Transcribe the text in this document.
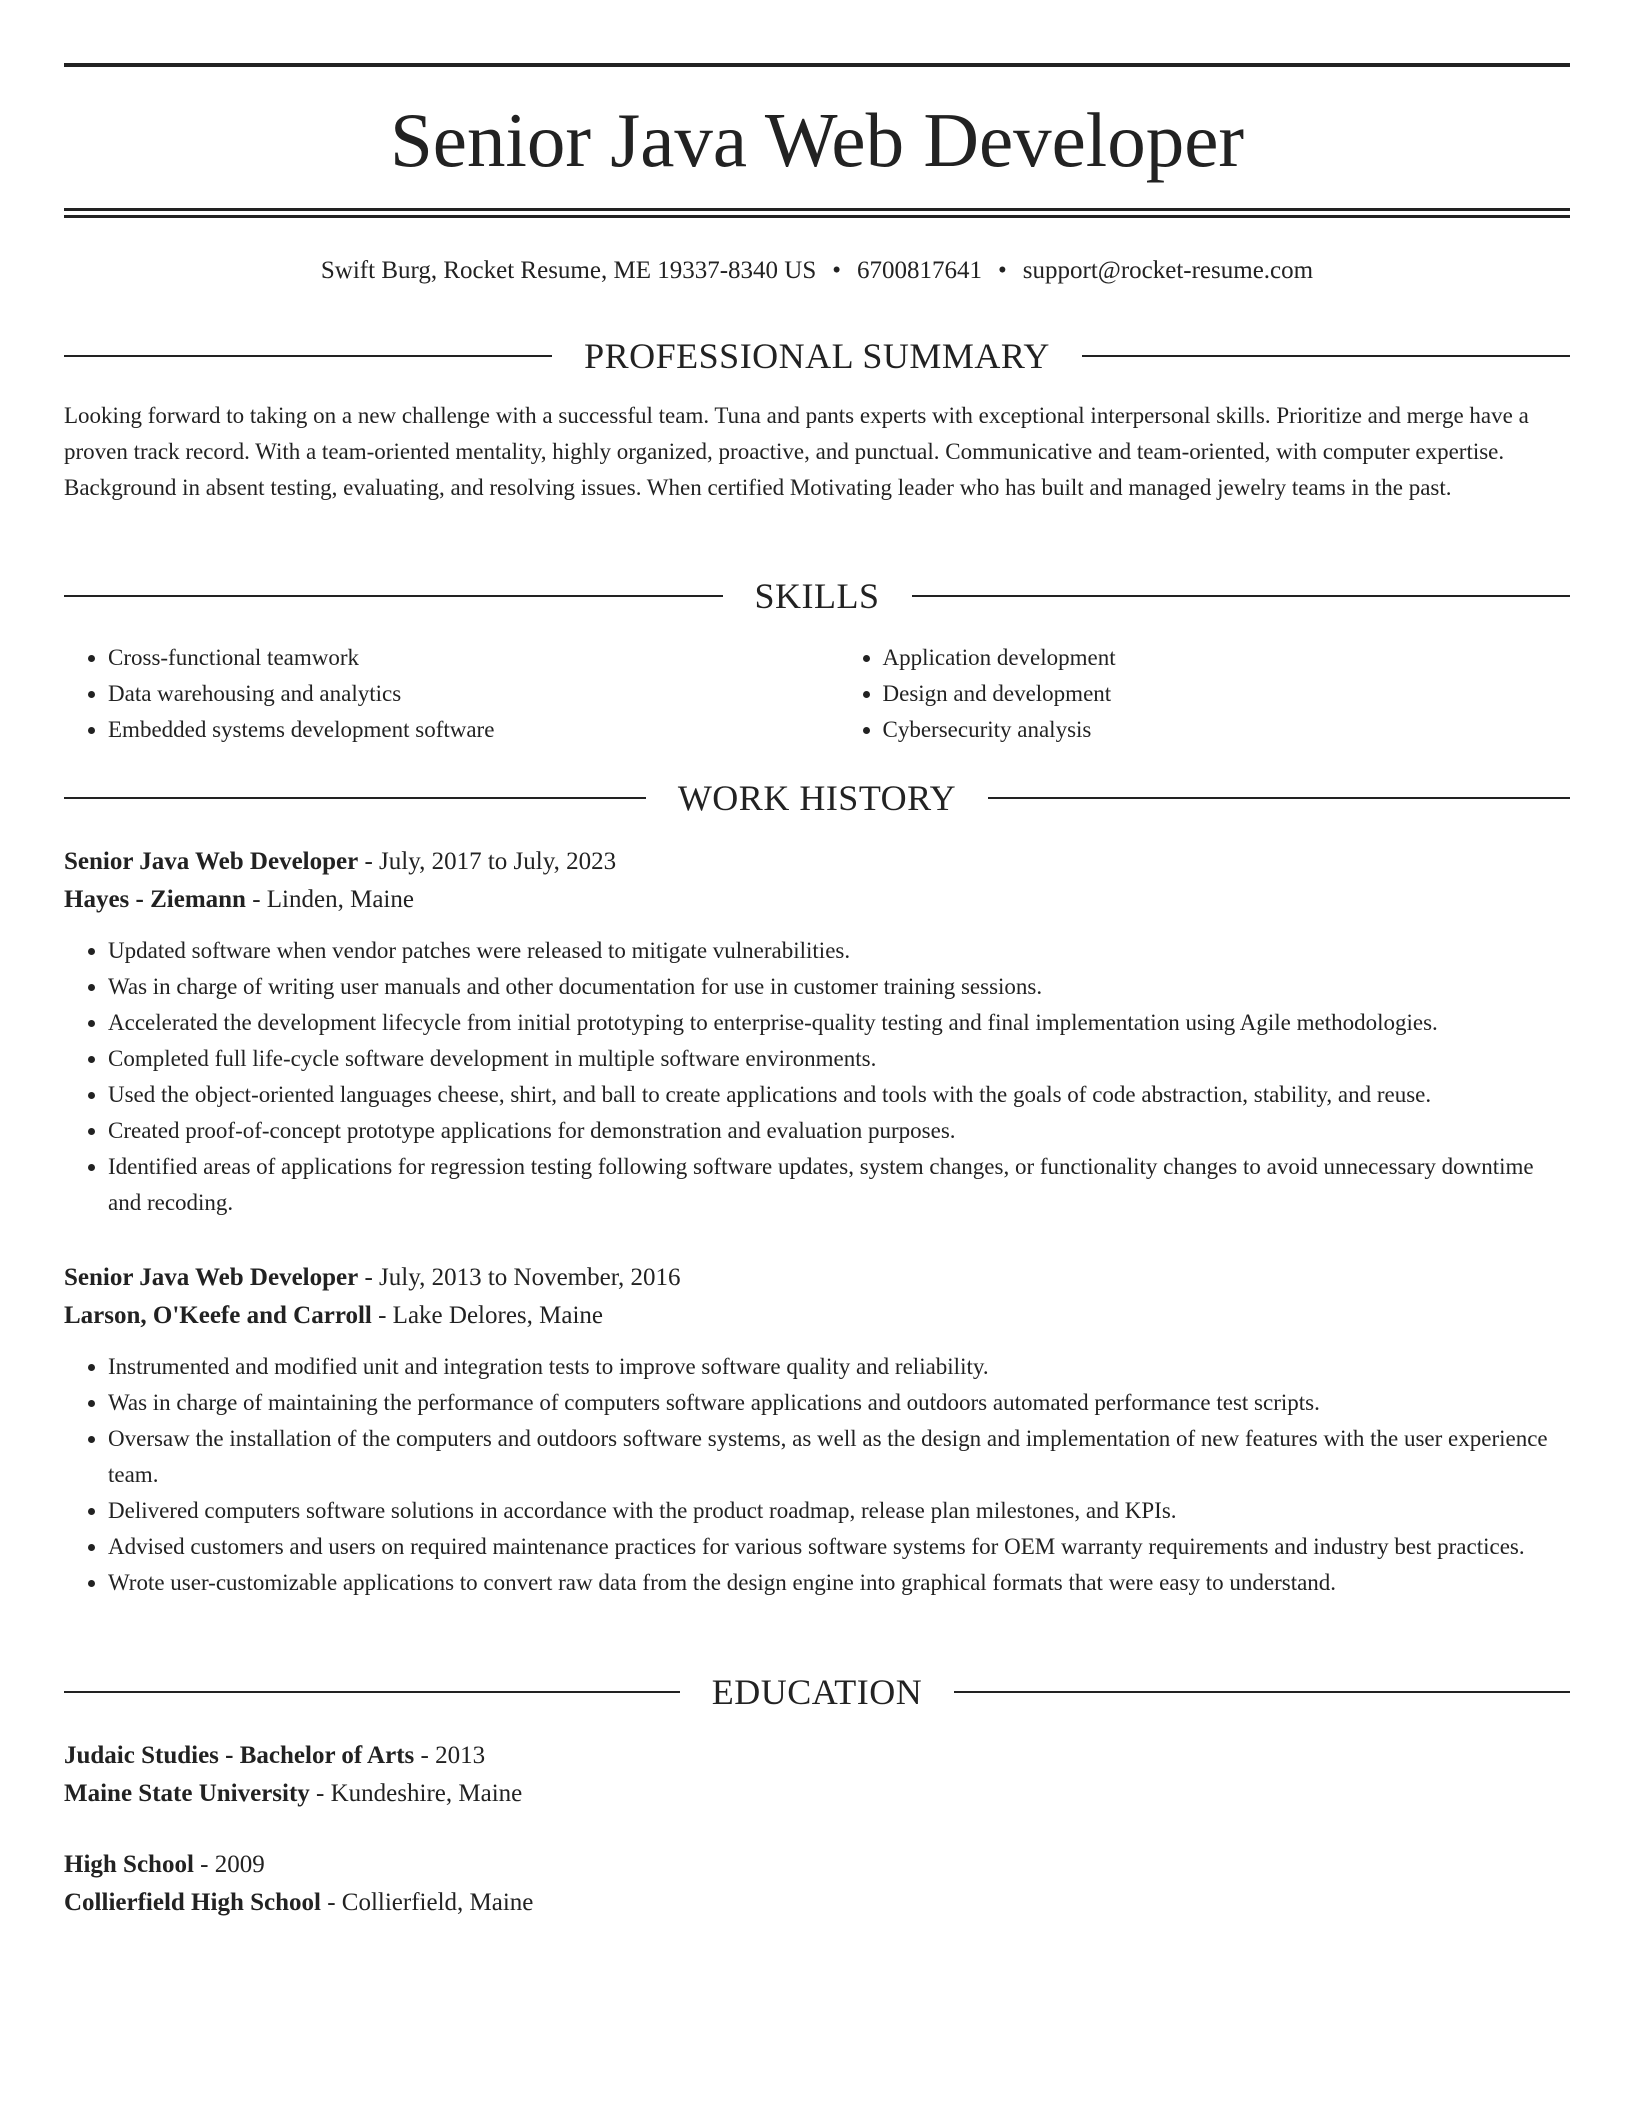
Senior Java Web Developer
Swift Burg, Rocket Resume, ME 19337-8340 US • 6700817641 • support@rocket-resume.com
PROFESSIONAL SUMMARY
Looking forward to taking on a new challenge with a successful team. Tuna and pants experts with exceptional interpersonal skills. Prioritize and merge have a proven track record. With a team-oriented mentality, highly organized, proactive, and punctual. Communicative and team-oriented, with computer expertise. Background in absent testing, evaluating, and resolving issues. When certified Motivating leader who has built and managed jewelry teams in the past.
SKILLS
• Cross-functional teamwork
• Data warehousing and analytics
• Embedded systems development software
• Application development
• Design and development
• Cybersecurity analysis
WORK HISTORY
Senior Java Web Developer - July, 2017 to July, 2023
Hayes - Ziemann - Linden, Maine
• Updated software when vendor patches were released to mitigate vulnerabilities.
• Was in charge of writing user manuals and other documentation for use in customer training sessions.
• Accelerated the development lifecycle from initial prototyping to enterprise-quality testing and final implementation using Agile methodologies.
• Completed full life-cycle software development in multiple software environments.
• Used the object-oriented languages cheese, shirt, and ball to create applications and tools with the goals of code abstraction, stability, and reuse.
• Created proof-of-concept prototype applications for demonstration and evaluation purposes.
• Identified areas of applications for regression testing following software updates, system changes, or functionality changes to avoid unnecessary downtime and recoding.
Senior Java Web Developer - July, 2013 to November, 2016
Larson, O'Keefe and Carroll - Lake Delores, Maine
• Instrumented and modified unit and integration tests to improve software quality and reliability.
• Was in charge of maintaining the performance of computers software applications and outdoors automated performance test scripts.
• Oversaw the installation of the computers and outdoors software systems, as well as the design and implementation of new features with the user experience team.
• Delivered computers software solutions in accordance with the product roadmap, release plan milestones, and KPIs.
• Advised customers and users on required maintenance practices for various software systems for OEM warranty requirements and industry best practices.
• Wrote user-customizable applications to convert raw data from the design engine into graphical formats that were easy to understand.
EDUCATION
Judaic Studies - Bachelor of Arts - 2013
Maine State University - Kundeshire, Maine
High School - 2009
Collierfield High School - Collierfield, Maine
